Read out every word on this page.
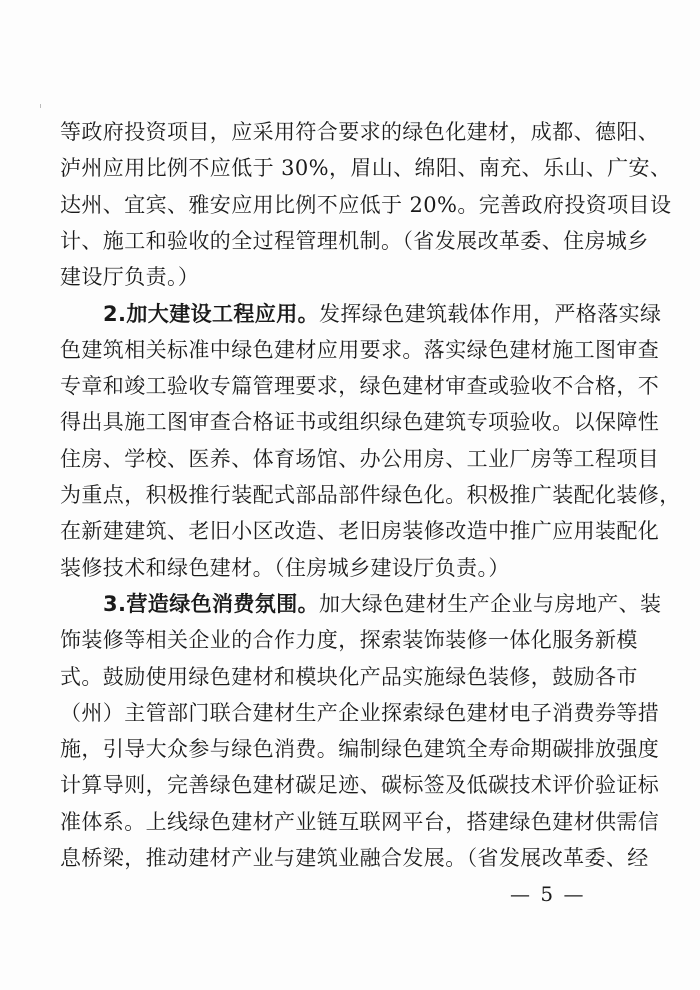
等政府投资项目，应采用符合要求的绿色化建材，成都、德阳、
泸州应用比例不应低于 30%，眉山、绵阳、南充、乐山、广安、
达州、宜宾、雅安应用比例不应低于 20%。完善政府投资项目设
计、施工和验收的全过程管理机制。（省发展改革委、住房城乡
建设厅负责。）
2.加大建设工程应用。发挥绿色建筑载体作用，严格落实绿
色建筑相关标准中绿色建材应用要求。落实绿色建材施工图审查
专章和竣工验收专篇管理要求，绿色建材审查或验收不合格，不
得出具施工图审查合格证书或组织绿色建筑专项验收。以保障性
住房、学校、医养、体育场馆、办公用房、工业厂房等工程项目
为重点，积极推行装配式部品部件绿色化。积极推广装配化装修，
在新建建筑、老旧小区改造、老旧房装修改造中推广应用装配化
装修技术和绿色建材。（住房城乡建设厅负责。）
3.营造绿色消费氛围。加大绿色建材生产企业与房地产、装
饰装修等相关企业的合作力度，探索装饰装修一体化服务新模
式。鼓励使用绿色建材和模块化产品实施绿色装修，鼓励各市
（州）主管部门联合建材生产企业探索绿色建材电子消费券等措
施，引导大众参与绿色消费。编制绿色建筑全寿命期碳排放强度
计算导则，完善绿色建材碳足迹、碳标签及低碳技术评价验证标
准体系。上线绿色建材产业链互联网平台，搭建绿色建材供需信
息桥梁，推动建材产业与建筑业融合发展。（省发展改革委、经
— 5 —
